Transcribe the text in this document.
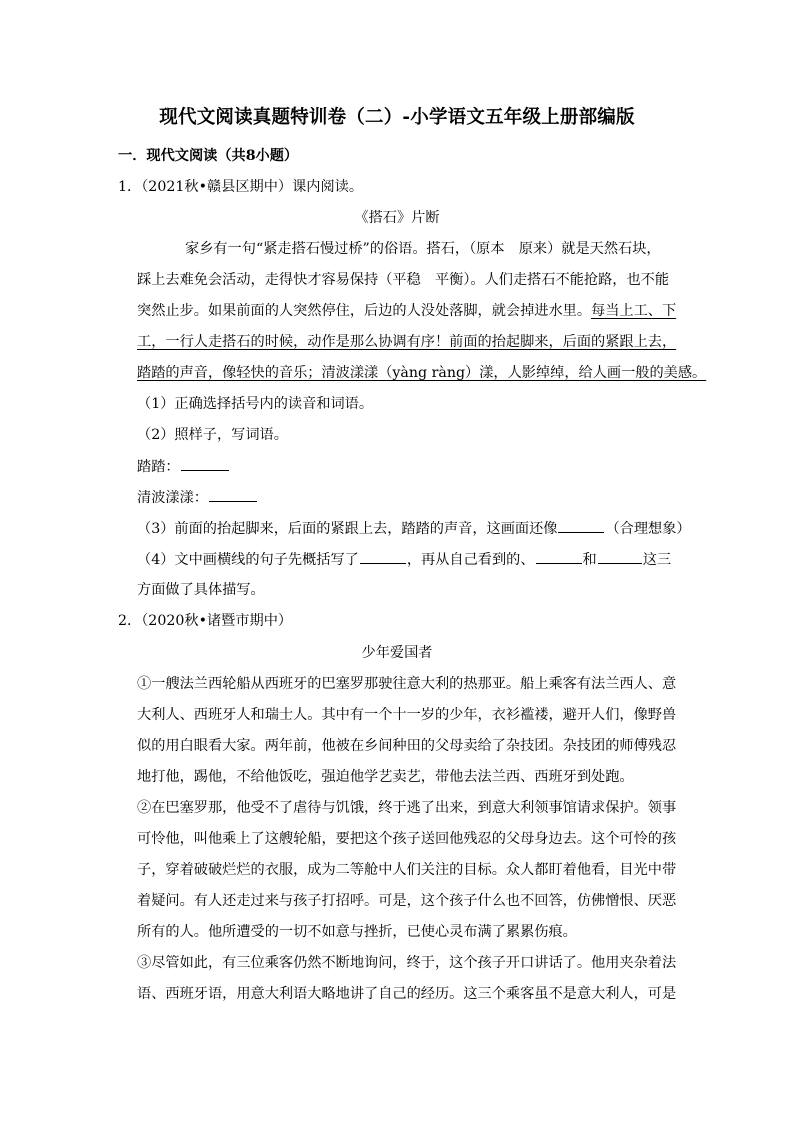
现代文阅读真题特训卷（二）-小学语文五年级上册部编版
一．现代文阅读（共8小题）
1．（2021秋•赣县区期中）课内阅读。
《搭石》片断
家乡有一句“紧走搭石慢过桥”的俗语。搭石，（原本　原来）就是天然石块，
踩上去难免会活动，走得快才容易保持（平稳　平衡）。人们走搭石不能抢路，也不能
突然止步。如果前面的人突然停住，后边的人没处落脚，就会掉进水里。每当上工、下
工，一行人走搭石的时候，动作是那么协调有序！前面的抬起脚来，后面的紧跟上去，
踏踏的声音，像轻快的音乐；清波漾漾（yàng ràng）漾，人影绰绰，给人画一般的美感。
（1）正确选择括号内的读音和词语。
（2）照样子，写词语。
踏踏：
清波漾漾：
（3）前面的抬起脚来，后面的紧跟上去，踏踏的声音，这画面还像	（合理想象）
（4）文中画横线的句子先概括写了	，再从自己看到的、	和	这三
方面做了具体描写。
2．（2020秋•诸暨市期中）
少年爱国者
①一艘法兰西轮船从西班牙的巴塞罗那驶往意大利的热那亚。船上乘客有法兰西人、意
大利人、西班牙人和瑞士人。其中有一个十一岁的少年，衣衫褴褛，避开人们，像野兽
似的用白眼看大家。两年前，他被在乡间种田的父母卖给了杂技团。杂技团的师傅残忍
地打他，踢他，不给他饭吃，强迫他学艺卖艺，带他去法兰西、西班牙到处跑。
②在巴塞罗那，他受不了虐待与饥饿，终于逃了出来，到意大利领事馆请求保护。领事
可怜他，叫他乘上了这艘轮船，要把这个孩子送回他残忍的父母身边去。这个可怜的孩
子，穿着破破烂烂的衣服，成为二等舱中人们关注的目标。众人都盯着他看，目光中带
着疑问。有人还走过来与孩子打招呼。可是，这个孩子什么也不回答，仿佛憎恨、厌恶
所有的人。他所遭受的一切不如意与挫折，已使心灵布满了累累伤痕。
③尽管如此，有三位乘客仍然不断地询问，终于，这个孩子开口讲话了。他用夹杂着法
语、西班牙语，用意大利语大略地讲了自己的经历。这三个乘客虽不是意大利人，可是
